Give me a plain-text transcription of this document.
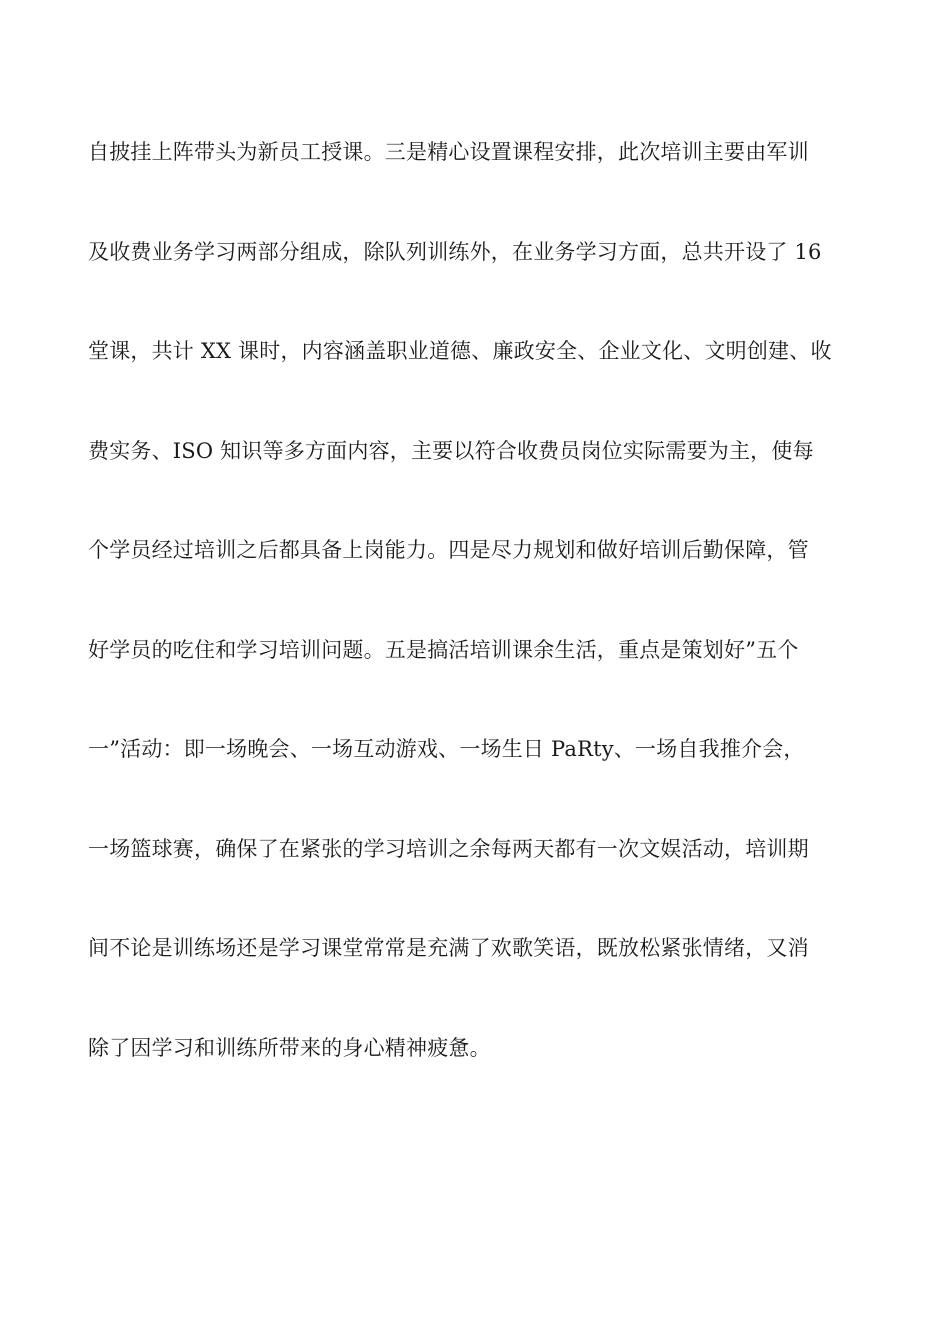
自披挂上阵带头为新员工授课。三是精心设置课程安排，此次培训主要由军训
及收费业务学习两部分组成，除队列训练外，在业务学习方面，总共开设了 16
堂课，共计 XX 课时，内容涵盖职业道德、廉政安全、企业文化、文明创建、收
费实务、ISO 知识等多方面内容，主要以符合收费员岗位实际需要为主，使每
个学员经过培训之后都具备上岗能力。四是尽力规划和做好培训后勤保障，管
好学员的吃住和学习培训问题。五是搞活培训课余生活，重点是策划好”五个
一”活动：即一场晚会、一场互动游戏、一场生日 PaRty、一场自我推介会，
一场篮球赛，确保了在紧张的学习培训之余每两天都有一次文娱活动，培训期
间不论是训练场还是学习课堂常常是充满了欢歌笑语，既放松紧张情绪，又消
除了因学习和训练所带来的身心精神疲惫。
